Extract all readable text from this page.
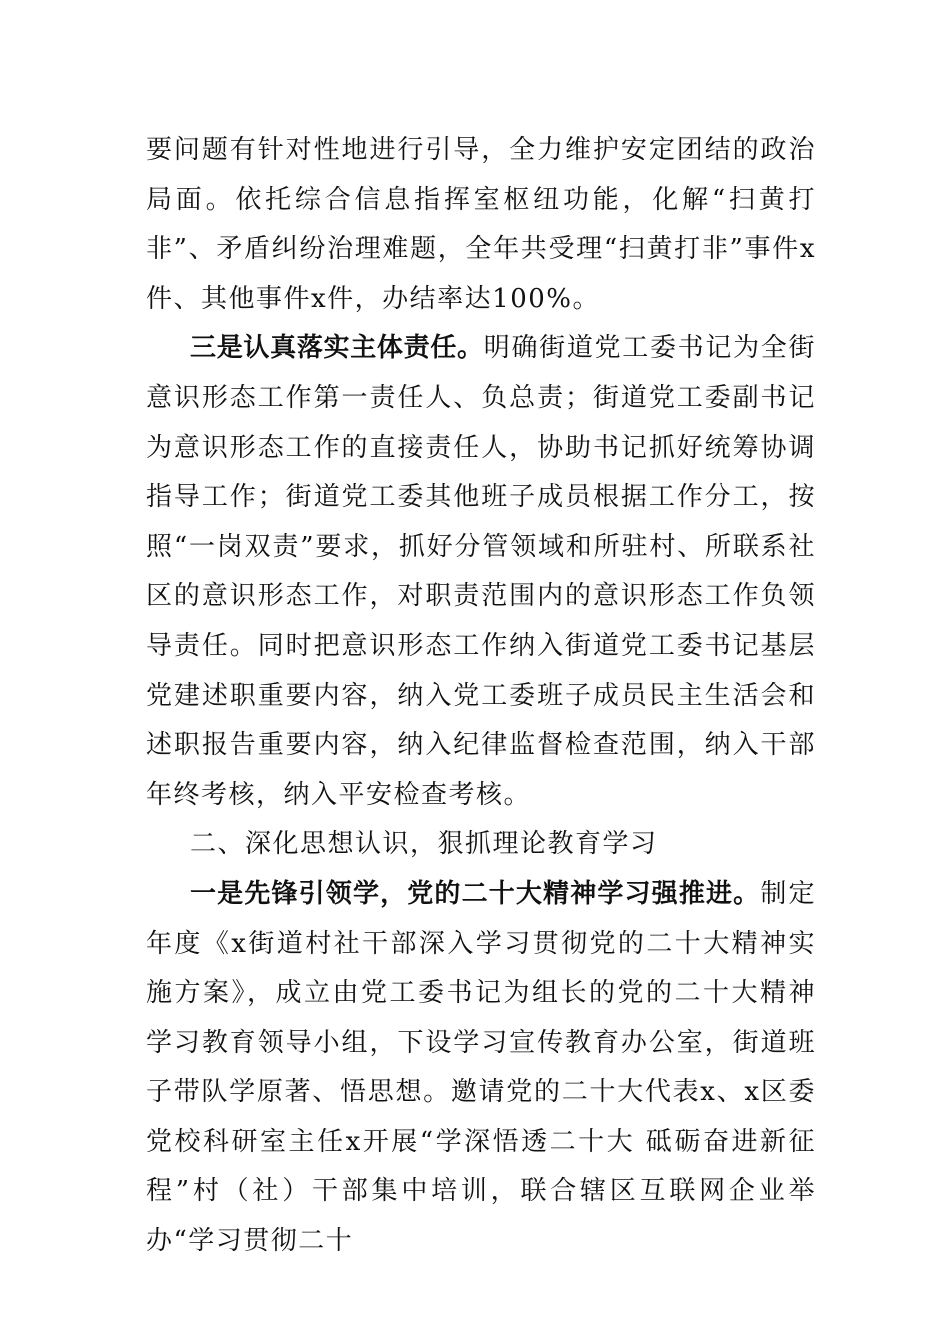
要问题有针对性地进行引导，全力维护安定团结的政治局面。依托综合信息指挥室枢纽功能，化解“扫黄打非”、矛盾纠纷治理难题，全年共受理“扫黄打非”事件x件、其他事件x件，办结率达100%。

三是认真落实主体责任。明确街道党工委书记为全街意识形态工作第一责任人、负总责；街道党工委副书记为意识形态工作的直接责任人，协助书记抓好统筹协调指导工作；街道党工委其他班子成员根据工作分工，按照“一岗双责”要求，抓好分管领域和所驻村、所联系社区的意识形态工作，对职责范围内的意识形态工作负领导责任。同时把意识形态工作纳入街道党工委书记基层党建述职重要内容，纳入党工委班子成员民主生活会和述职报告重要内容，纳入纪律监督检查范围，纳入干部年终考核，纳入平安检查考核。

二、深化思想认识，狠抓理论教育学习

一是先锋引领学，党的二十大精神学习强推进。制定年度《x街道村社干部深入学习贯彻党的二十大精神实施方案》，成立由党工委书记为组长的党的二十大精神学习教育领导小组，下设学习宣传教育办公室，街道班子带队学原著、悟思想。邀请党的二十大代表x、x区委党校科研室主任x开展“学深悟透二十大 砥砺奋进新征程”村（社）干部集中培训，联合辖区互联网企业举办“学习贯彻二十
